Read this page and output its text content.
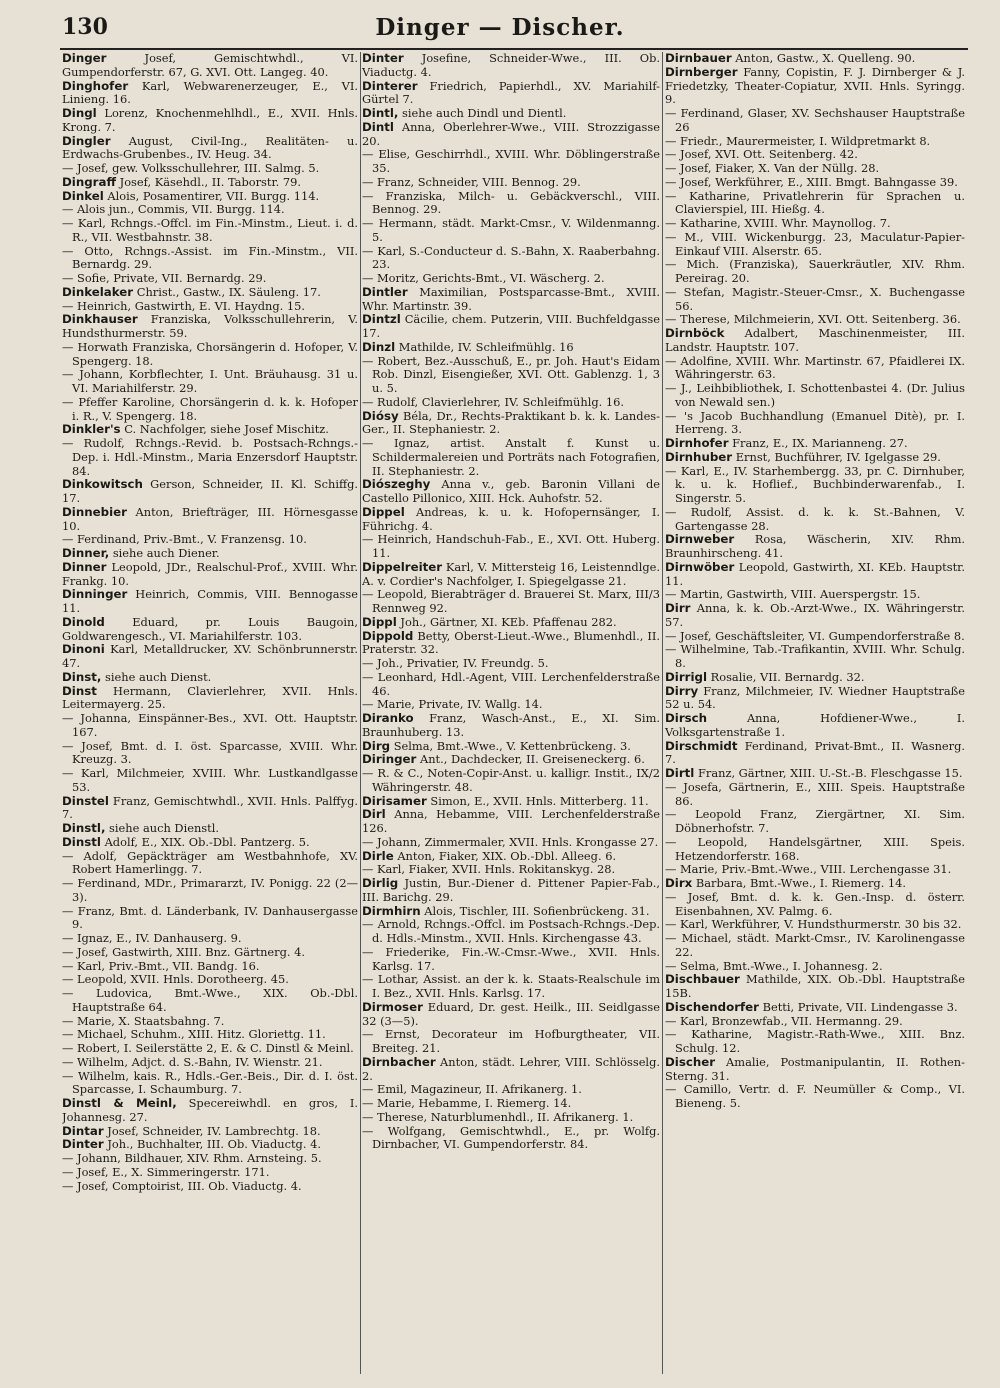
130	Dinger — Discher.

Dinger Josef, Gemischtwhdl., VI. Gumpendorferstr. 67, G. XVI. Ott. Langeg. 40.

Dinghofer Karl, Webwarenerzeuger, E., VI. Linieng. 16.

Dingl Lorenz, Knochenmehlhdl., E., XVII. Hnls. Krong. 7.

Dingler August, Civil-Ing., Realitäten- u. Erdwachs-Grubenbes., IV. Heug. 34.

— Josef, gew. Volksschullehrer, III. Salmg. 5.

Dingraff Josef, Käsehdl., II. Taborstr. 79.

Dinkel Alois, Posamentirer, VII. Burgg. 114.

— Alois jun., Commis, VII. Burgg. 114.

— Karl, Rchngs.-Offcl. im Fin.-Minstm., Lieut. i. d. R., VII. Westbahnstr. 38.

— Otto, Rchngs.-Assist. im Fin.-Minstm., VII. Bernardg. 29.

— Sofie, Private, VII. Bernardg. 29.

Dinkelaker Christ., Gastw., IX. Säuleng. 17.

— Heinrich, Gastwirth, E. VI. Haydng. 15.

Dinkhauser Franziska, Volksschullehrerin, V. Hundsthurmerstr. 59.

— Horwath Franziska, Chorsängerin d. Hofoper, V. Spengerg. 18.

— Johann, Korbflechter, I. Unt. Bräuhausg. 31 u. VI. Mariahilferstr. 29.

— Pfeffer Karoline, Chorsängerin d. k. k. Hofoper i. R., V. Spengerg. 18.

Dinkler's C. Nachfolger, siehe Josef Mischitz.

— Rudolf, Rchngs.-Revid. b. Postsach-Rchngs.-Dep. i. Hdl.-Minstm., Maria Enzersdorf Hauptstr. 84.

Dinkowitsch Gerson, Schneider, II. Kl. Schiffg. 17.

Dinnebier Anton, Briefträger, III. Hörnesgasse 10.

— Ferdinand, Priv.-Bmt., V. Franzensg. 10.

Dinner, siehe auch Diener.

Dinner Leopold, JDr., Realschul-Prof., XVIII. Whr. Frankg. 10.

Dinninger Heinrich, Commis, VIII. Bennogasse 11.

Dinold Eduard, pr. Louis Baugoin, Goldwarengesch., VI. Mariahilferstr. 103.

Dinoni Karl, Metalldrucker, XV. Schönbrunnerstr. 47.

Dinst, siehe auch Dienst.

Dinst Hermann, Clavierlehrer, XVII. Hnls. Leitermayerg. 25.

— Johanna, Einspänner-Bes., XVI. Ott. Hauptstr. 167.

— Josef, Bmt. d. I. öst. Sparcasse, XVIII. Whr. Kreuzg. 3.

— Karl, Milchmeier, XVIII. Whr. Lustkandlgasse 53.

Dinstel Franz, Gemischtwhdl., XVII. Hnls. Palffyg. 7.

Dinstl, siehe auch Dienstl.

Dinstl Adolf, E., XIX. Ob.-Dbl. Pantzerg. 5.

— Adolf, Gepäckträger am Westbahnhofe, XV. Robert Hamerlingg. 7.

— Ferdinand, MDr., Primararzt, IV. Ponigg. 22 (2—3).

— Franz, Bmt. d. Länderbank, IV. Danhausergasse 9.

— Ignaz, E., IV. Danhauserg. 9.

— Josef, Gastwirth, XIII. Bnz. Gärtnerg. 4.

— Karl, Priv.-Bmt., VII. Bandg. 16.

— Leopold, XVII. Hnls. Dorotheerg. 45.

— Ludovica, Bmt.-Wwe., XIX. Ob.-Dbl. Hauptstraße 64.

— Marie, X. Staatsbahng. 7.

— Michael, Schuhm., XIII. Hitz. Gloriettg. 11.

— Robert, I. Seilerstätte 2, E. & C. Dinstl & Meinl.

— Wilhelm, Adjct. d. S.-Bahn, IV. Wienstr. 21.

— Wilhelm, kais. R., Hdls.-Ger.-Beis., Dir. d. I. öst. Sparcasse, I. Schaumburg. 7.

Dinstl & Meinl, Specereiwhdl. en gros, I. Johannesg. 27.

Dintar Josef, Schneider, IV. Lambrechtg. 18.

Dinter Joh., Buchhalter, III. Ob. Viaductg. 4.

— Johann, Bildhauer, XIV. Rhm. Arnsteing. 5.

— Josef, E., X. Simmeringerstr. 171.

— Josef, Comptoirist, III. Ob. Viaductg. 4.

Dinter Josefine, Schneider-Wwe., III. Ob. Viaductg. 4.

Dinterer Friedrich, Papierhdl., XV. Mariahilf-Gürtel 7.

Dintl, siehe auch Dindl und Dientl.

Dintl Anna, Oberlehrer-Wwe., VIII. Strozzigasse 20.

— Elise, Geschirrhdl., XVIII. Whr. Döblingerstraße 35.

— Franz, Schneider, VIII. Bennog. 29.

— Franziska, Milch- u. Gebäckverschl., VIII. Bennog. 29.

— Hermann, städt. Markt-Cmsr., V. Wildenmanng. 5.

— Karl, S.-Conducteur d. S.-Bahn, X. Raaberbahng. 23.

— Moritz, Gerichts-Bmt., VI. Wäscherg. 2.

Dintler Maximilian, Postsparcasse-Bmt., XVIII. Whr. Martinstr. 39.

Dintzl Cäcilie, chem. Putzerin, VIII. Buchfeldgasse 17.

Dinzl Mathilde, IV. Schleifmühlg. 16

— Robert, Bez.-Ausschuß, E., pr. Joh. Haut's Eidam Rob. Dinzl, Eisengießer, XVI. Ott. Gablenzg. 1, 3 u. 5.

— Rudolf, Clavierlehrer, IV. Schleifmühlg. 16.

Diósy Béla, Dr., Rechts-Praktikant b. k. k. Landes-Ger., II. Stephaniestr. 2.

— Ignaz, artist. Anstalt f. Kunst u. Schildermalereien und Porträts nach Fotografien, II. Stephaniestr. 2.

Diószeghy Anna v., geb. Baronin Villani de Castello Pillonico, XIII. Hck. Auhofstr. 52.

Dippel Andreas, k. u. k. Hofopernsänger, I. Führichg. 4.

— Heinrich, Handschuh-Fab., E., XVI. Ott. Huberg. 11.

Dippelreiter Karl, V. Mittersteig 16, Leistenndlge. A. v. Cordier's Nachfolger, I. Spiegelgasse 21.

— Leopold, Bierabträger d. Brauerei St. Marx, III/3 Rennweg 92.

Dippl Joh., Gärtner, XI. KEb. Pfaffenau 282.

Dippold Betty, Oberst-Lieut.-Wwe., Blumenhdl., II. Praterstr. 32.

— Joh., Privatier, IV. Freundg. 5.

— Leonhard, Hdl.-Agent, VIII. Lerchenfelderstraße 46.

— Marie, Private, IV. Wallg. 14.

Diranko Franz, Wasch-Anst., E., XI. Sim. Braunhuberg. 13.

Dirg Selma, Bmt.-Wwe., V. Kettenbrückeng. 3.

Diringer Ant., Dachdecker, II. Greiseneckerg. 6.

— R. & C., Noten-Copir-Anst. u. kalligr. Instit., IX/2 Währingerstr. 48.

Dirisamer Simon, E., XVII. Hnls. Mitterberg. 11.

Dirl Anna, Hebamme, VIII. Lerchenfelderstraße 126.

— Johann, Zimmermaler, XVII. Hnls. Krongasse 27.

Dirle Anton, Fiaker, XIX. Ob.-Dbl. Alleeg. 6.

— Karl, Fiaker, XVII. Hnls. Rokitanskyg. 28.

Dirlig Justin, Bur.-Diener d. Pittener Papier-Fab., III. Barichg. 29.

Dirmhirn Alois, Tischler, III. Sofienbrückeng. 31.

— Arnold, Rchngs.-Offcl. im Postsach-Rchngs.-Dep. d. Hdls.-Minstm., XVII. Hnls. Kirchengasse 43.

— Friederike, Fin.-W.-Cmsr.-Wwe., XVII. Hnls. Karlsg. 17.

— Lothar, Assist. an der k. k. Staats-Realschule im I. Bez., XVII. Hnls. Karlsg. 17.

Dirmoser Eduard, Dr. gest. Heilk., III. Seidlgasse 32 (3—5).

— Ernst, Decorateur im Hofburgtheater, VII. Breiteg. 21.

Dirnbacher Anton, städt. Lehrer, VIII. Schlösselg. 2.

— Emil, Magazineur, II. Afrikanerg. 1.

— Marie, Hebamme, I. Riemerg. 14.

— Therese, Naturblumenhdl., II. Afrikanerg. 1.

— Wolfgang, Gemischtwhdl., E., pr. Wolfg. Dirnbacher, VI. Gumpendorferstr. 84.

Dirnbauer Anton, Gastw., X. Quelleng. 90.

Dirnberger Fanny, Copistin, F. J. Dirnberger & J. Friedetzky, Theater-Copiatur, XVII. Hnls. Syringg. 9.

— Ferdinand, Glaser, XV. Sechshauser Hauptstraße 26

— Friedr., Maurermeister, I. Wildpretmarkt 8.

— Josef, XVI. Ott. Seitenberg. 42.

— Josef, Fiaker, X. Van der Nüllg. 28.

— Josef, Werkführer, E., XIII. Bmgt. Bahngasse 39.

— Katharine, Privatlehrerin für Sprachen u. Clavierspiel, III. Hießg. 4.

— Katharine, XVIII. Whr. Maynollog. 7.

— M., VIII. Wickenburgg. 23, Maculatur-Papier-Einkauf VIII. Alserstr. 65.

— Mich. (Franziska), Sauerkräutler, XIV. Rhm. Pereirag. 20.

— Stefan, Magistr.-Steuer-Cmsr., X. Buchengasse 56.

— Therese, Milchmeierin, XVI. Ott. Seitenberg. 36.

Dirnböck Adalbert, Maschinenmeister, III. Landstr. Hauptstr. 107.

— Adolfine, XVIII. Whr. Martinstr. 67, Pfaidlerei IX. Währingerstr. 63.

— J., Leihbibliothek, I. Schottenbastei 4. (Dr. Julius von Newald sen.)

— 's Jacob Buchhandlung (Emanuel Ditè), pr. I. Herreng. 3.

Dirnhofer Franz, E., IX. Marianneng. 27.

Dirnhuber Ernst, Buchführer, IV. Igelgasse 29.

— Karl, E., IV. Starhembergg. 33, pr. C. Dirnhuber, k. u. k. Hoflief., Buchbinderwarenfab., I. Singerstr. 5.

— Rudolf, Assist. d. k. k. St.-Bahnen, V. Gartengasse 28.

Dirnweber Rosa, Wäscherin, XIV. Rhm. Braunhirscheng. 41.

Dirnwöber Leopold, Gastwirth, XI. KEb. Hauptstr. 11.

— Martin, Gastwirth, VIII. Auerspergstr. 15.

Dirr Anna, k. k. Ob.-Arzt-Wwe., IX. Währingerstr. 57.

— Josef, Geschäftsleiter, VI. Gumpendorferstraße 8.

— Wilhelmine, Tab.-Trafikantin, XVIII. Whr. Schulg. 8.

Dirrigl Rosalie, VII. Bernardg. 32.

Dirry Franz, Milchmeier, IV. Wiedner Hauptstraße 52 u. 54.

Dirsch Anna, Hofdiener-Wwe., I. Volksgartenstraße 1.

Dirschmidt Ferdinand, Privat-Bmt., II. Wasnerg. 7.

Dirtl Franz, Gärtner, XIII. U.-St.-B. Fleschgasse 15.

— Josefa, Gärtnerin, E., XIII. Speis. Hauptstraße 86.

— Leopold Franz, Ziergärtner, XI. Sim. Döbnerhofstr. 7.

— Leopold, Handelsgärtner, XIII. Speis. Hetzendorferstr. 168.

— Marie, Priv.-Bmt.-Wwe., VIII. Lerchengasse 31.

Dirx Barbara, Bmt.-Wwe., I. Riemerg. 14.

— Josef, Bmt. d. k. k. Gen.-Insp. d. österr. Eisenbahnen, XV. Palmg. 6.

— Karl, Werkführer, V. Hundsthurmerstr. 30 bis 32.

— Michael, städt. Markt-Cmsr., IV. Karolinengasse 22.

— Selma, Bmt.-Wwe., I. Johannesg. 2.

Dischbauer Mathilde, XIX. Ob.-Dbl. Hauptstraße 15B.

Dischendorfer Betti, Private, VII. Lindengasse 3.

— Karl, Bronzewfab., VII. Hermanng. 29.

— Katharine, Magistr.-Rath-Wwe., XIII. Bnz. Schulg. 12.

Discher Amalie, Postmanipulantin, II. Rothen-Sterng. 31.

— Camillo, Vertr. d. F. Neumüller & Comp., VI. Bieneng. 5.
